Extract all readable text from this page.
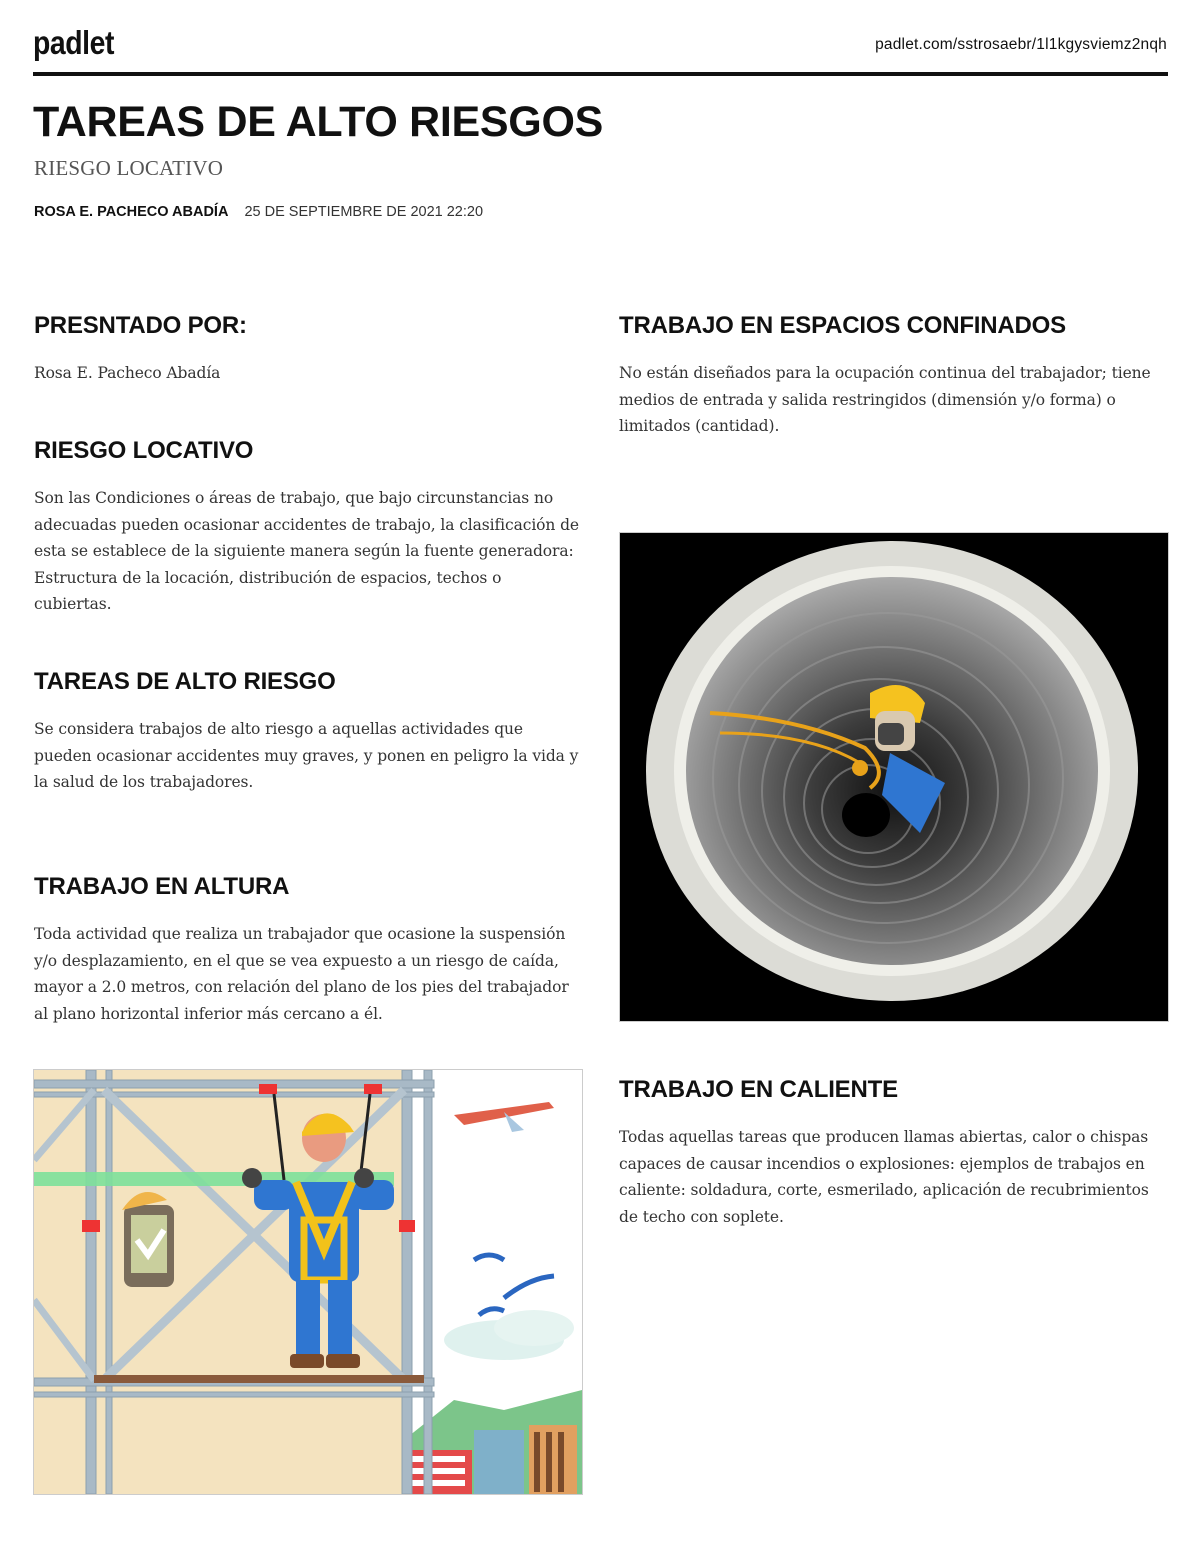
padlet	padlet.com/sstrosaebr/1l1kgysviemz2nqh
TAREAS DE ALTO RIESGOS
RIESGO LOCATIVO
ROSA E. PACHECO ABADÍA 25 DE SEPTIEMBRE DE 2021 22:20
PRESNTADO POR:

Rosa E. Pacheco Abadía

RIESGO LOCATIVO

Son las Condiciones o áreas de trabajo, que bajo circunstancias no adecuadas pueden ocasionar accidentes de trabajo, la clasificación de esta se establece de la siguiente manera según la fuente generadora: Estructura de la locación, distribución de espacios, techos o cubiertas.

TAREAS DE ALTO RIESGO

Se considera trabajos de alto riesgo a aquellas actividades que pueden ocasionar accidentes muy graves, y ponen en peligro la vida y la salud de los trabajadores.

TRABAJO EN ALTURA

Toda actividad que realiza un trabajador que ocasione la suspensión y/o desplazamiento, en el que se vea expuesto a un riesgo de caída, mayor a 2.0 metros, con relación del plano de los pies del trabajador al plano horizontal inferior más cercano a él.

TRABAJO EN ESPACIOS CONFINADOS

No están diseñados para la ocupación continua del trabajador; tiene medios de entrada y salida restringidos (dimensión y/o forma) o limitados (cantidad).

TRABAJO EN CALIENTE

Todas aquellas tareas que producen llamas abiertas, calor o chispas capaces de causar incendios o explosiones: ejemplos de trabajos en caliente: soldadura, corte, esmerilado, aplicación de recubrimientos de techo con soplete.
